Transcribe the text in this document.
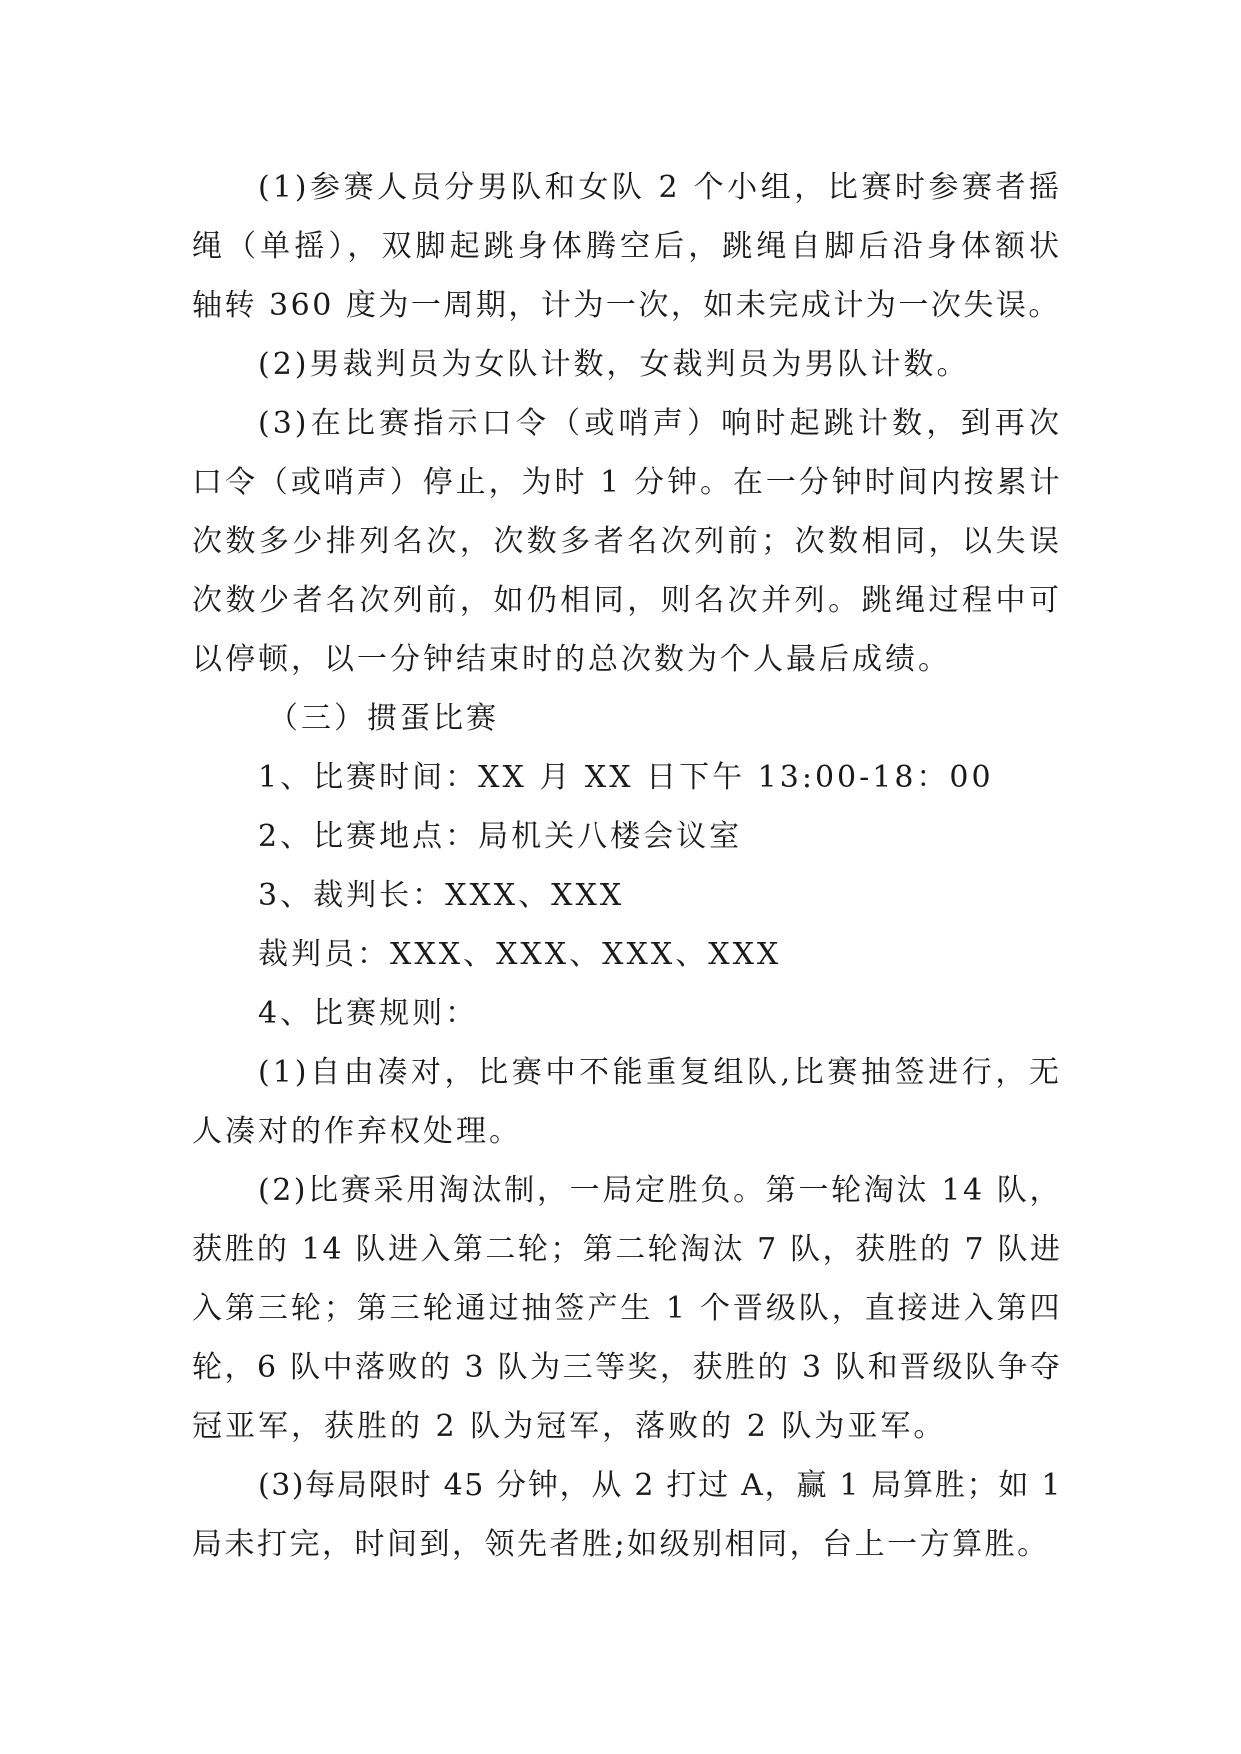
(1)参赛人员分男队和女队 2 个小组，比赛时参赛者摇
绳（单摇），双脚起跳身体腾空后，跳绳自脚后沿身体额状
轴转 360 度为一周期，计为一次，如未完成计为一次失误。
(2)男裁判员为女队计数，女裁判员为男队计数。
(3)在比赛指示口令（或哨声）响时起跳计数，到再次
口令（或哨声）停止，为时 1 分钟。在一分钟时间内按累计
次数多少排列名次，次数多者名次列前；次数相同，以失误
次数少者名次列前，如仍相同，则名次并列。跳绳过程中可
以停顿，以一分钟结束时的总次数为个人最后成绩。
（三）掼蛋比赛
1、比赛时间：XX 月 XX 日下午 13:00-18：00
2、比赛地点：局机关八楼会议室
3、裁判长：XXX、XXX
裁判员：XXX、XXX、XXX、XXX
4、比赛规则：
(1)自由凑对，比赛中不能重复组队,比赛抽签进行，无
人凑对的作弃权处理。
(2)比赛采用淘汰制，一局定胜负。第一轮淘汰 14 队，
获胜的 14 队进入第二轮；第二轮淘汰 7 队，获胜的 7 队进
入第三轮；第三轮通过抽签产生 1 个晋级队，直接进入第四
轮，6 队中落败的 3 队为三等奖，获胜的 3 队和晋级队争夺
冠亚军，获胜的 2 队为冠军，落败的 2 队为亚军。
(3)每局限时 45 分钟，从 2 打过 A，赢 1 局算胜；如 1
局未打完，时间到，领先者胜;如级别相同，台上一方算胜。
